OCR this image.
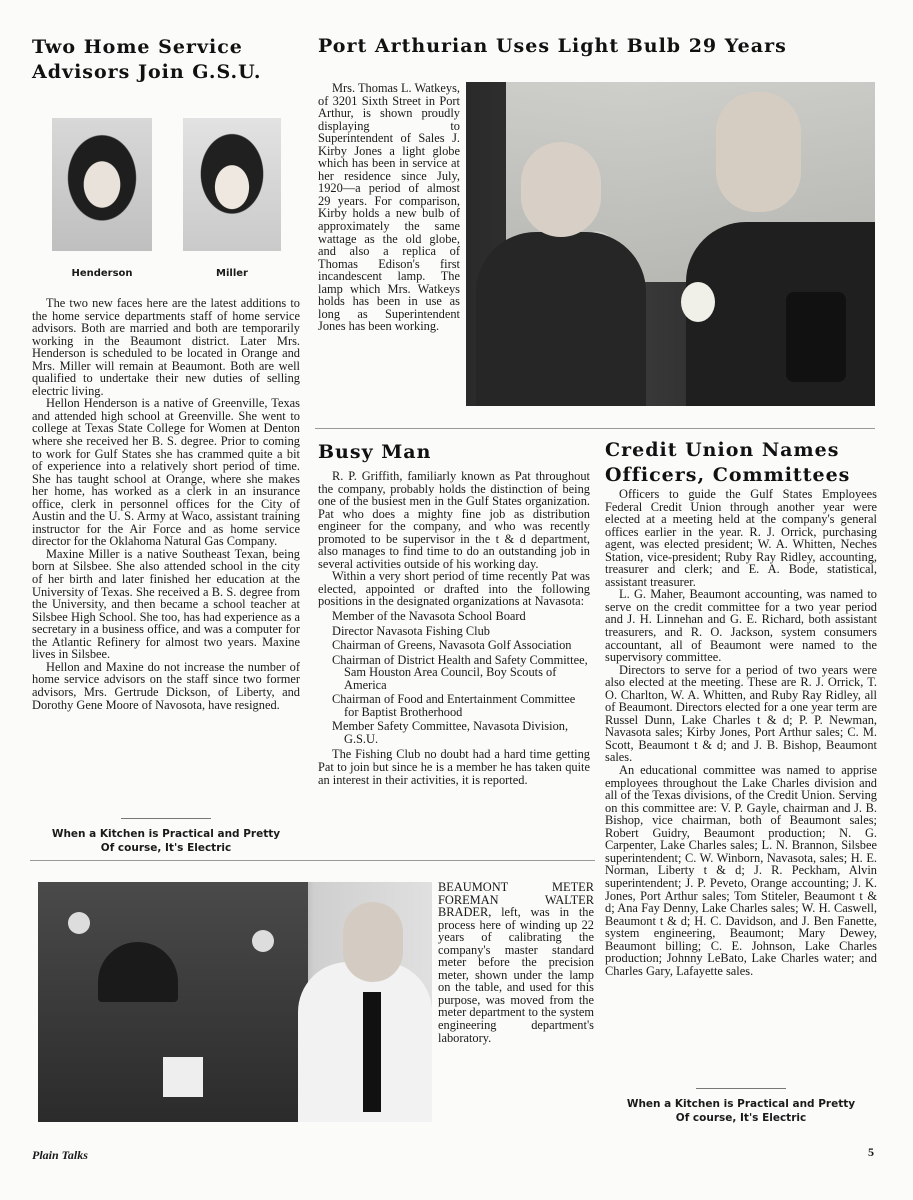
Two Home Service Advisors Join G.S.U.
Henderson	Miller

The two new faces here are the latest additions to the home service departments staff of home service advisors. Both are married and both are temporarily working in the Beaumont district. Later Mrs. Henderson is scheduled to be located in Orange and Mrs. Miller will remain at Beaumont. Both are well qualified to undertake their new duties of selling electric living.

Hellon Henderson is a native of Greenville, Texas and attended high school at Greenville. She went to college at Texas State College for Women at Denton where she received her B. S. degree. Prior to coming to work for Gulf States she has crammed quite a bit of experience into a relatively short period of time. She has taught school at Orange, where she makes her home, has worked as a clerk in an insurance office, clerk in personnel offices for the City of Austin and the U. S. Army at Waco, assistant training instructor for the Air Force and as home service director for the Oklahoma Natural Gas Company.

Maxine Miller is a native Southeast Texan, being born at Silsbee. She also attended school in the city of her birth and later finished her education at the University of Texas. She received a B. S. degree from the University, and then became a school teacher at Silsbee High School. She too, has had experience as a secretary in a business office, and was a computer for the Atlantic Refinery for almost two years. Maxine lives in Silsbee.

Hellon and Maxine do not increase the number of home service advisors on the staff since two former advisors, Mrs. Gertrude Dickson, of Liberty, and Dorothy Gene Moore of Navosota, have resigned.

When a Kitchen is Practical and Pretty
Of course, It's Electric
Port Arthurian Uses Light Bulb 29 Years

Mrs. Thomas L. Watkeys, of 3201 Sixth Street in Port Arthur, is shown proudly displaying to Superintendent of Sales J. Kirby Jones a light globe which has been in service at her residence since July, 1920—a period of almost 29 years. For comparison, Kirby holds a new bulb of approximately the same wattage as the old globe, and also a replica of Thomas Edison's first incandescent lamp. The lamp which Mrs. Watkeys holds has been in use as long as Superintendent Jones has been working.

Busy Man

R. P. Griffith, familiarly known as Pat throughout the company, probably holds the distinction of being one of the busiest men in the Gulf States organization. Pat who does a mighty fine job as distribution engineer for the company, and who was recently promoted to be supervisor in the t & d department, also manages to find time to do an outstanding job in several activities outside of his working day.

Within a very short period of time recently Pat was elected, appointed or drafted into the following positions in the designated organizations at Navasota:

Member of the Navasota School Board
Director Navasota Fishing Club
Chairman of Greens, Navasota Golf Association
Chairman of District Health and Safety Committee, Sam Houston Area Council, Boy Scouts of America
Chairman of Food and Entertainment Committee for Baptist Brotherhood
Member Safety Committee, Navasota Division, G.S.U.

The Fishing Club no doubt had a hard time getting Pat to join but since he is a member he has taken quite an interest in their activities, it is reported.

Credit Union Names Officers, Committees

Officers to guide the Gulf States Employees Federal Credit Union through another year were elected at a meeting held at the company's general offices earlier in the year. R. J. Orrick, purchasing agent, was elected president; W. A. Whitten, Neches Station, vice-president; Ruby Ray Ridley, accounting, treasurer and clerk; and E. A. Bode, statistical, assistant treasurer.

L. G. Maher, Beaumont accounting, was named to serve on the credit committee for a two year period and J. H. Linnehan and G. E. Richard, both assistant treasurers, and R. O. Jackson, system consumers accountant, all of Beaumont were named to the supervisory committee.

Directors to serve for a period of two years were also elected at the meeting. These are R. J. Orrick, T. O. Charlton, W. A. Whitten, and Ruby Ray Ridley, all of Beaumont. Directors elected for a one year term are Russel Dunn, Lake Charles t & d; P. P. Newman, Navasota sales; Kirby Jones, Port Arthur sales; C. M. Scott, Beaumont t & d; and J. B. Bishop, Beaumont sales.

An educational committee was named to apprise employees throughout the Lake Charles division and all of the Texas divisions, of the Credit Union. Serving on this committee are: V. P. Gayle, chairman and J. B. Bishop, vice chairman, both of Beaumont sales; Robert Guidry, Beaumont production; N. G. Carpenter, Lake Charles sales; L. N. Brannon, Silsbee superintendent; C. W. Winborn, Navasota, sales; H. E. Norman, Liberty t & d; J. R. Peckham, Alvin superintendent; J. P. Peveto, Orange accounting; J. K. Jones, Port Arthur sales; Tom Stiteler, Beaumont t & d; Ana Fay Denny, Lake Charles sales; W. H. Caswell, Beaumont t & d; H. C. Davidson, and J. Ben Fanette, system engineering, Beaumont; Mary Dewey, Beaumont billing; C. E. Johnson, Lake Charles production; Johnny LeBato, Lake Charles water; and Charles Gary, Lafayette sales.

When a Kitchen is Practical and Pretty
Of course, It's Electric

BEAUMONT METER FOREMAN WALTER BRADER, left, was in the process here of winding up 22 years of calibrating the company's master standard meter before the precision meter, shown under the lamp on the table, and used for this purpose, was moved from the meter department to the system engineering department's laboratory.

Plain Talks	5
